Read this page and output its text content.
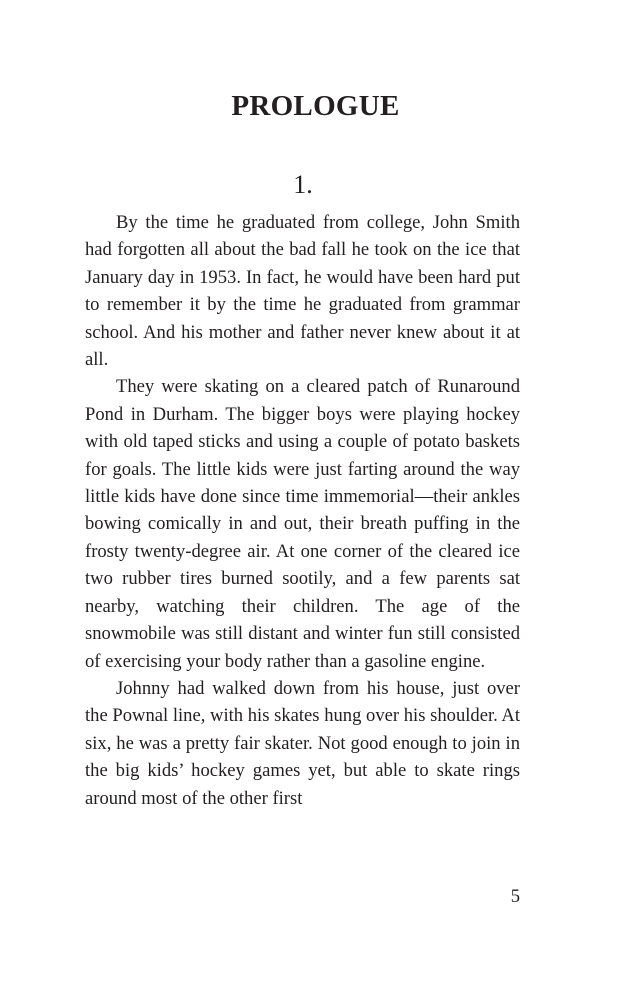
PROLOGUE
1.

By the time he graduated from college, John Smith had forgotten all about the bad fall he took on the ice that January day in 1953. In fact, he would have been hard put to remember it by the time he graduated from grammar school. And his mother and father never knew about it at all.

They were skating on a cleared patch of Runaround Pond in Durham. The bigger boys were playing hockey with old taped sticks and using a couple of potato baskets for goals. The little kids were just farting around the way little kids have done since time immemorial—their ankles bowing comically in and out, their breath puffing in the frosty twenty-degree air. At one corner of the cleared ice two rubber tires burned sootily, and a few parents sat nearby, watching their children. The age of the snowmobile was still distant and winter fun still consisted of exercising your body rather than a gasoline engine.

Johnny had walked down from his house, just over the Pownal line, with his skates hung over his shoulder. At six, he was a pretty fair skater. Not good enough to join in the big kids’ hockey games yet, but able to skate rings around most of the other first

5
